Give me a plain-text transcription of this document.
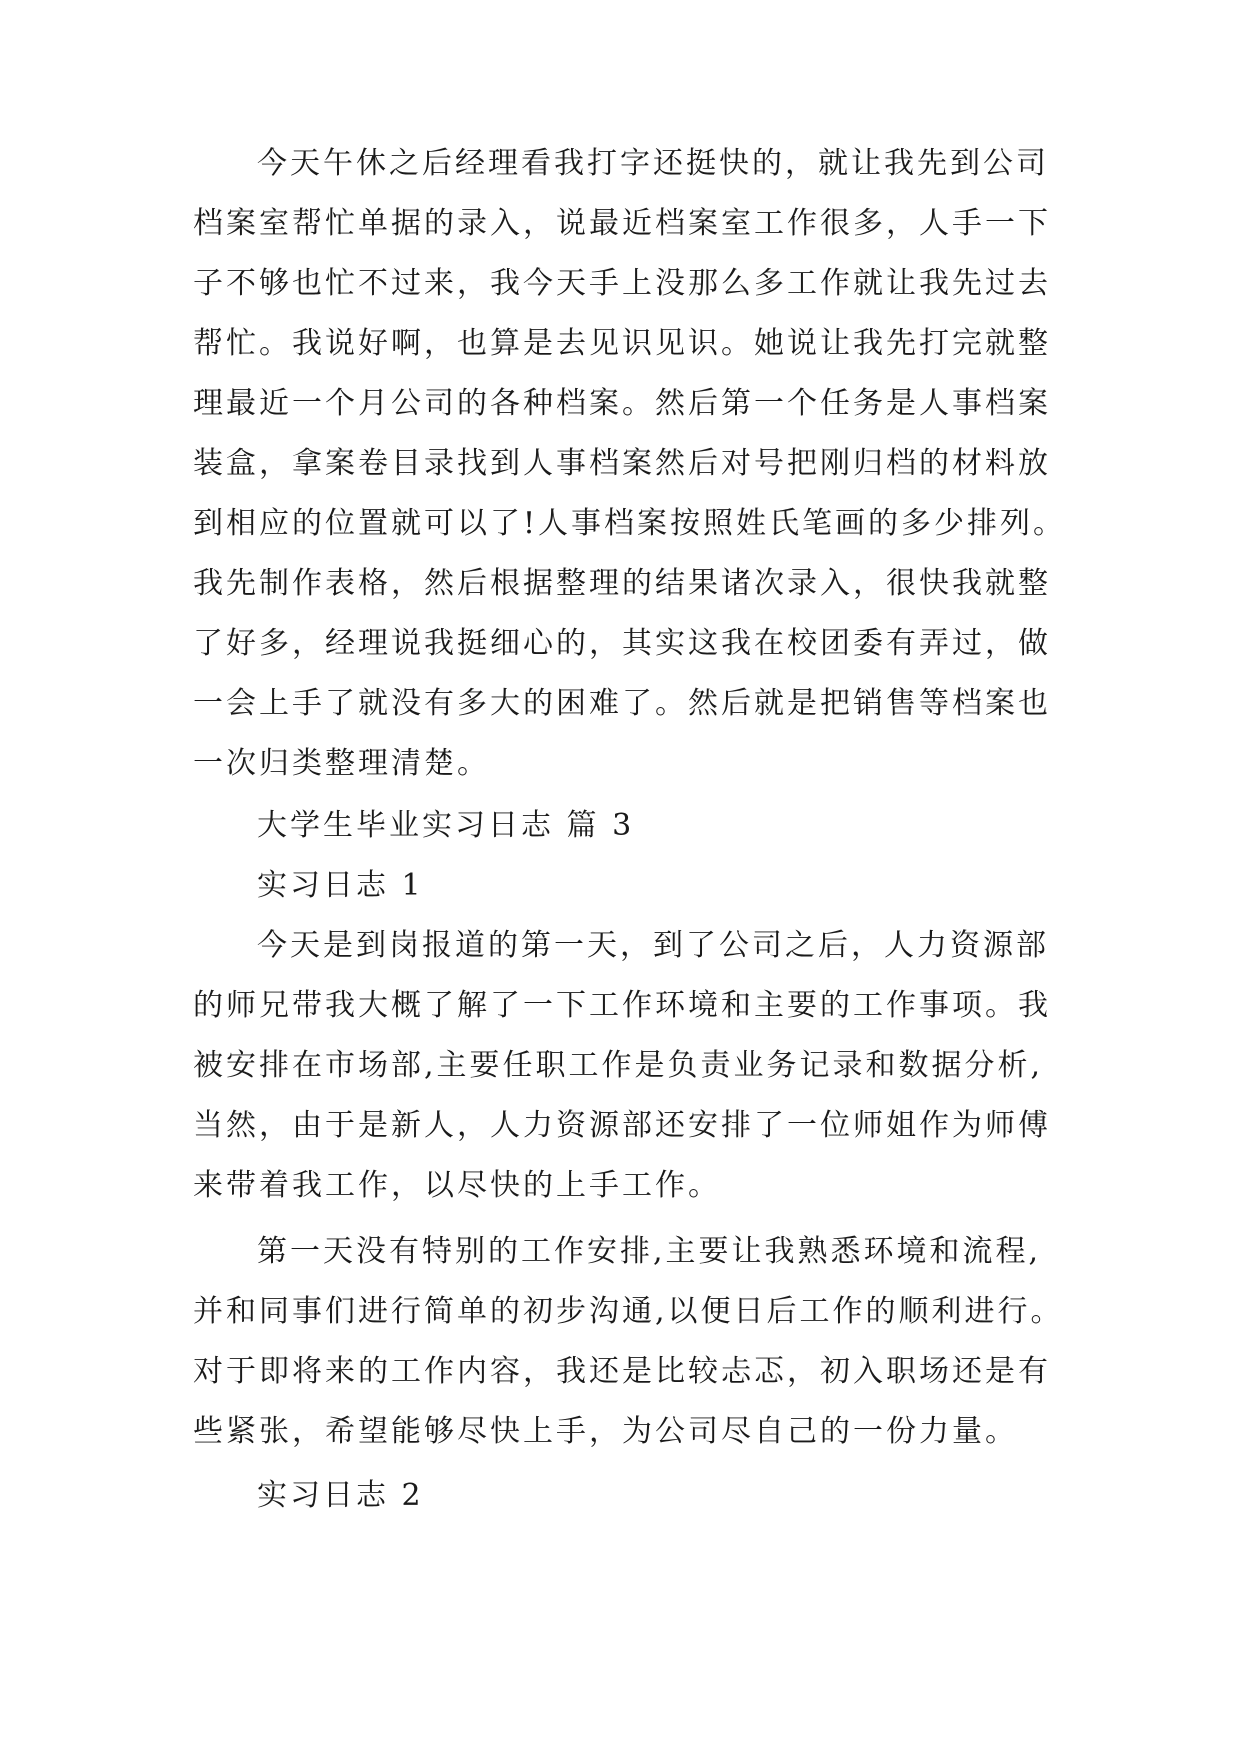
今天午休之后经理看我打字还挺快的，就让我先到公司
档案室帮忙单据的录入，说最近档案室工作很多，人手一下
子不够也忙不过来，我今天手上没那么多工作就让我先过去
帮忙。我说好啊，也算是去见识见识。她说让我先打完就整
理最近一个月公司的各种档案。然后第一个任务是人事档案
装盒，拿案卷目录找到人事档案然后对号把刚归档的材料放
到相应的位置就可以了!人事档案按照姓氏笔画的多少排列。
我先制作表格，然后根据整理的结果诸次录入，很快我就整
了好多，经理说我挺细心的，其实这我在校团委有弄过，做
一会上手了就没有多大的困难了。然后就是把销售等档案也
一次归类整理清楚。
大学生毕业实习日志 篇 3
实习日志 1
今天是到岗报道的第一天，到了公司之后，人力资源部
的师兄带我大概了解了一下工作环境和主要的工作事项。我
被安排在市场部,主要任职工作是负责业务记录和数据分析,
当然，由于是新人，人力资源部还安排了一位师姐作为师傅
来带着我工作，以尽快的上手工作。
第一天没有特别的工作安排,主要让我熟悉环境和流程,
并和同事们进行简单的初步沟通,以便日后工作的顺利进行。
对于即将来的工作内容，我还是比较忐忑，初入职场还是有
些紧张，希望能够尽快上手，为公司尽自己的一份力量。
实习日志 2
